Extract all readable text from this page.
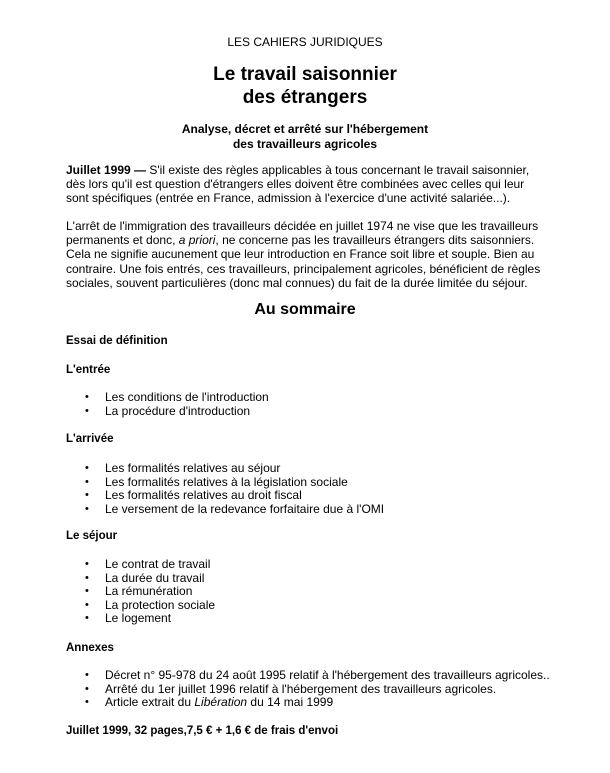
LES CAHIERS JURIDIQUES
Le travail saisonnier
des étrangers
Analyse, décret et arrêté sur l'hébergement
des travailleurs agricoles
Juillet 1999 — S'il existe des règles applicables à tous concernant le travail saisonnier, dès lors qu'il est question d'étrangers elles doivent être combinées avec celles qui leur sont spécifiques (entrée en France, admission à l'exercice d'une activité salariée...).
L'arrêt de l'immigration des travailleurs décidée en juillet 1974 ne vise que les travailleurs permanents et donc, a priori, ne concerne pas les travailleurs étrangers dits saisonniers. Cela ne signifie aucunement que leur introduction en France soit libre et souple. Bien au contraire. Une fois entrés, ces travailleurs, principalement agricoles, bénéficient de règles sociales, souvent particulières (donc mal connues) du fait de la durée limitée du séjour.
Au sommaire
Essai de définition
L'entrée
• Les conditions de l'introduction
• La procédure d'introduction
L'arrivée
• Les formalités relatives au séjour
• Les formalités relatives à la législation sociale
• Les formalités relatives au droit fiscal
• Le versement de la redevance forfaitaire due à l'OMI
Le séjour
• Le contrat de travail
• La durée du travail
• La rémunération
• La protection sociale
• Le logement
Annexes
• Décret n° 95-978 du 24 août 1995 relatif à l'hébergement des travailleurs agricoles..
• Arrêté du 1er juillet 1996 relatif à l'hébergement des travailleurs agricoles.
• Article extrait du Libération du 14 mai 1999
Juillet 1999, 32 pages,7,5 € + 1,6 € de frais d'envoi
